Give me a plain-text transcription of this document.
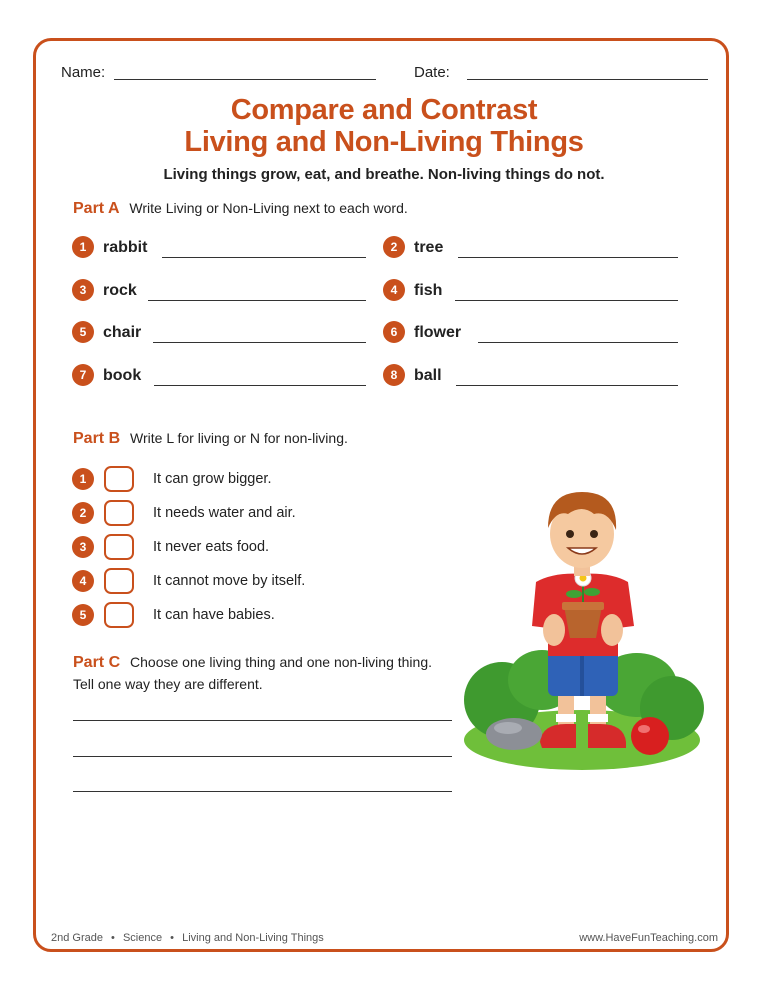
Name:	Date:
Compare and Contrast
Living and Non-Living Things
Living things grow, eat, and breathe. Non-living things do not.
Part A Write Living or Non-Living next to each word.
1	rabbit	2	tree
3	rock	4	fish
5	chair	6	flower
7	book	8	ball
Part B Write L for living or N for non-living.
1	It can grow bigger.
2	It needs water and air.
3	It never eats food.
4	It cannot move by itself.
5	It can have babies.
Part C Choose one living thing and one non-living thing.
Tell one way they are different.
2nd Grade • Science • Living and Non-Living Things	www.HaveFunTeaching.com
